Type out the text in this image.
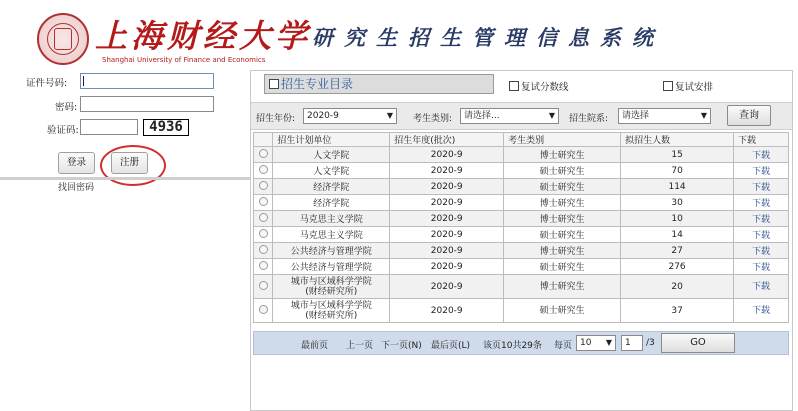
上海财经大学
Shanghai University of Finance and Economics
研究生招生管理信息系统
证件号码:
密码:
验证码:	4936
登录	注册
找回密码
招生专业目录	复试分数线	复试安排
招生年份:	2020-9	▼ 考生类别:	请选择...	▼ 招生院系:	请选择	▼	查询
	招生计划单位	招生年度(批次)	考生类别	拟招生人数	下载

	人文学院	2020-9	博士研究生	15	下载

	人文学院	2020-9	硕士研究生	70	下载

	经济学院	2020-9	硕士研究生	114	下载

	经济学院	2020-9	博士研究生	30	下载

	马克思主义学院	2020-9	博士研究生	10	下载

	马克思主义学院	2020-9	硕士研究生	14	下载

	公共经济与管理学院	2020-9	博士研究生	27	下载

	公共经济与管理学院	2020-9	硕士研究生	276	下载

	城市与区域科学学院
(财经研究所)	2020-9	博士研究生	20	下载

	城市与区域科学学院
(财经研究所)	2020-9	硕士研究生	37	下载
最前页 上一页 下一页(N) 最后页(L) 该页10共29条 每页 10 ▼	1	/3	GO
